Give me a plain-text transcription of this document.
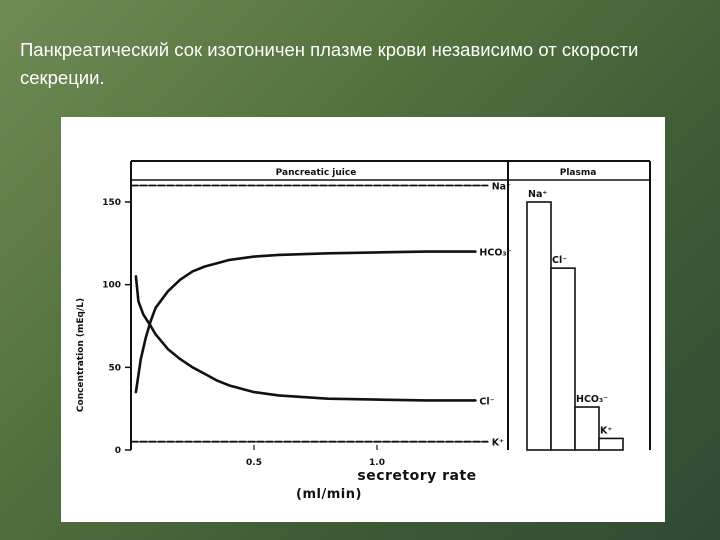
Панкреатический сок изотоничен плазме крови независимо от скорости секреции.
Pancreatic juice	Plasma
Concentration (mEq/L)
0
50
100
150
0.5	1.0
Na⁺
HCO₃⁻
Cl⁻
K⁺
Na⁺
Cl⁻
HCO₃⁻
K⁺
secretory rate
(ml/min)
